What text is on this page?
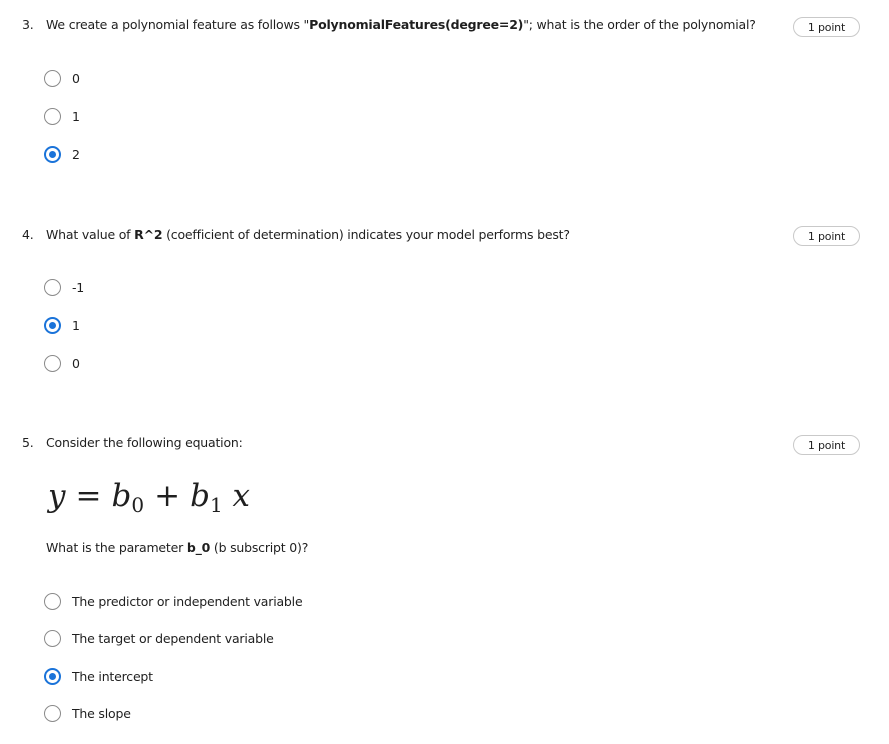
3. We create a polynomial feature as follows "PolynomialFeatures(degree=2)"; what is the order of the polynomial?	1 point
0
1
2
4. What value of R^2 (coefficient of determination) indicates your model performs best?	1 point
-1
1
0
5. Consider the following equation:	1 point
$y = b_0 + b_1$ x
What is the parameter b_0 (b subscript 0)?
The predictor or independent variable
The target or dependent variable
The intercept
The slope
